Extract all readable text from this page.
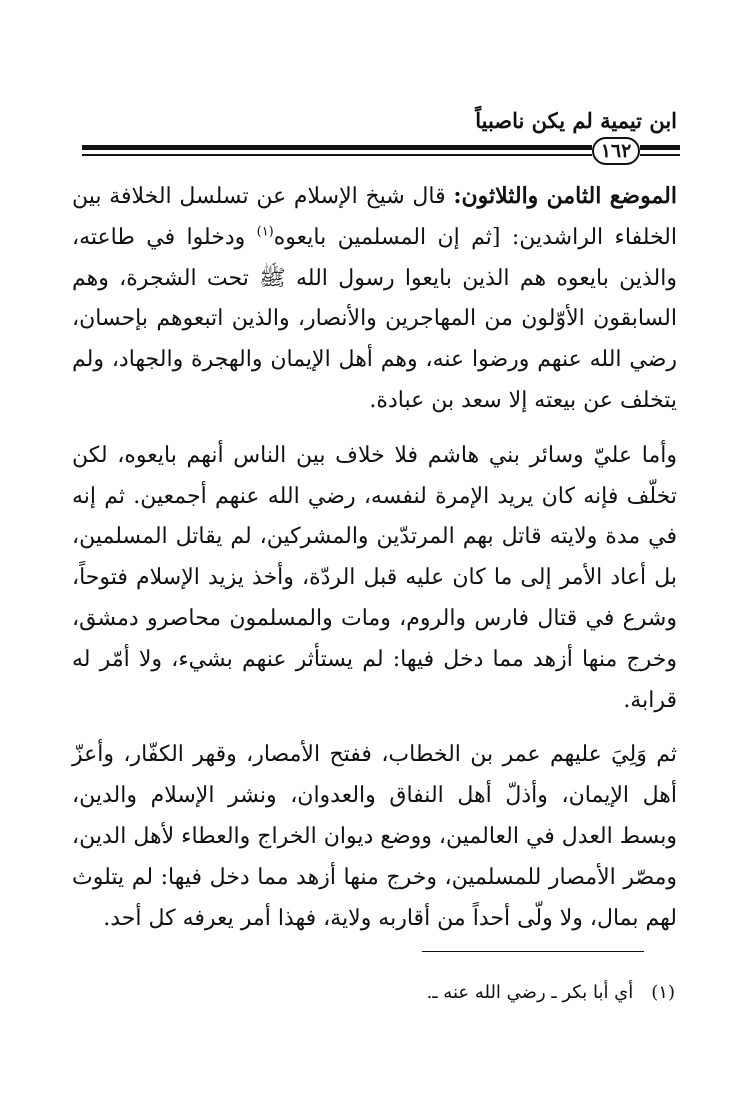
ابن تيمية لم يكن ناصبياً
١٦٢

الموضع الثامن والثلاثون: قال شيخ الإسلام عن تسلسل الخلافة بين الخلفاء الراشدين: [ثم إن المسلمين بايعوه$^{(١)}$ ودخلوا في طاعته، والذين بايعوه هم الذين بايعوا رسول الله ﷺ تحت الشجرة، وهم السابقون الأوّلون من المهاجرين والأنصار، والذين اتبعوهم بإحسان، رضي الله عنهم ورضوا عنه، وهم أهل الإيمان والهجرة والجهاد، ولم يتخلف عن بيعته إلا سعد بن عبادة.

وأما عليّ وسائر بني هاشم فلا خلاف بين الناس أنهم بايعوه، لكن تخلّف فإنه كان يريد الإمرة لنفسه، رضي الله عنهم أجمعين. ثم إنه في مدة ولايته قاتل بهم المرتدّين والمشركين، لم يقاتل المسلمين، بل أعاد الأمر إلى ما كان عليه قبل الردّة، وأخذ يزيد الإسلام فتوحاً، وشرع في قتال فارس والروم، ومات والمسلمون محاصرو دمشق، وخرج منها أزهد مما دخل فيها: لم يستأثر عنهم بشيء، ولا أمّر له قرابة.

ثم وَلِيَ عليهم عمر بن الخطاب، ففتح الأمصار، وقهر الكفّار، وأعزّ أهل الإيمان، وأذلّ أهل النفاق والعدوان، ونشر الإسلام والدين، وبسط العدل في العالمين، ووضع ديوان الخراج والعطاء لأهل الدين، ومصّر الأمصار للمسلمين، وخرج منها أزهد مما دخل فيها: لم يتلوث لهم بمال، ولا ولّى أحداً من أقاربه ولاية، فهذا أمر يعرفه كل أحد.

(١)أي أبا بكر ـ رضي الله عنه ـ.
